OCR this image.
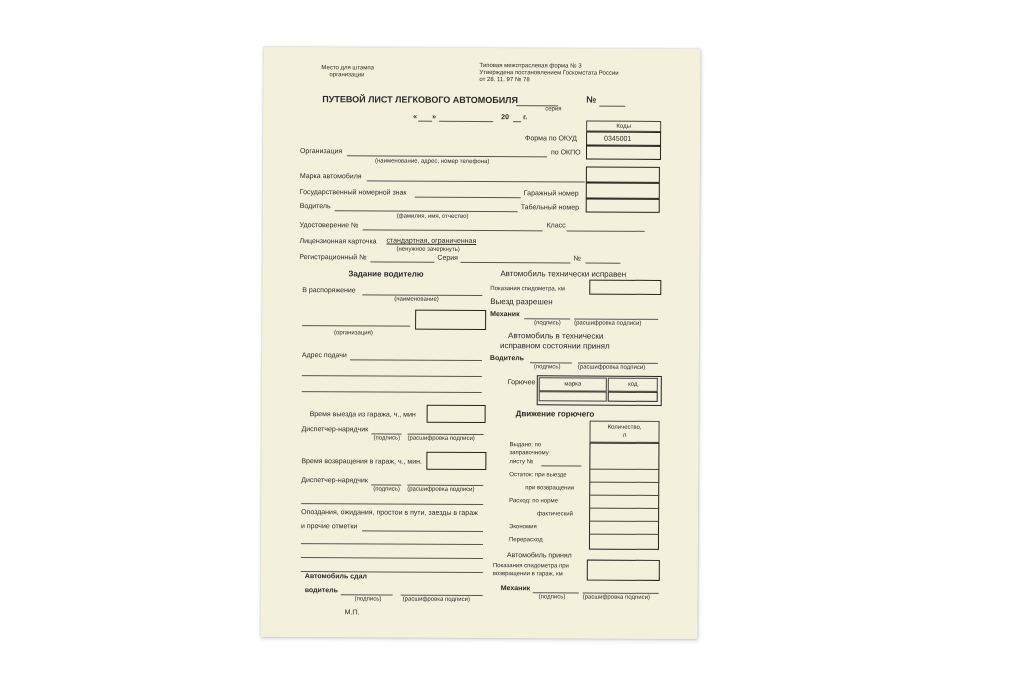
Место для штампа
организации
Типовая межотраслевая форма № 3
Утверждена постановлением Госкомстата России
от 28. 11. 97 № 78
ПУТЕВОЙ ЛИСТ ЛЕГКОВОГО АВТОМОБИЛЯ	№
серия
« »	20 г.
Коды
0345001
Форма по ОКУД
по ОКПО
Организация
(наименование, адрес, номер телефона)
Марка автомобиля
Государственный номерной знак	Гаражный номер
Водитель	Табельный номер
(фамилия, имя, отчество)
Удостоверение №	Класс
Лицензионная карточка стандартная, ограниченная
(ненужное зачеркнуть)
Регистрационный №	Серия	№
Задание водителю
В распоряжение
(наименование)
(организация)
Адрес подачи
Время выезда из гаража, ч., мин
Диспетчер-нарядчик
(подпись) (расшифровка подписи)
Время возвращения в гараж, ч., мин.
Диспетчер-нарядчик
(подпись) (расшифровка подписи)
Опоздания, ожидания, простои в пути, заезды в гараж
и прочие отметки
Автомобиль сдал
водитель
(подпись)	(расшифровка подписи)
М.П.
Автомобиль технически исправен
Показания спидометра, км
Выезд разрешен
Механик
(подпись) (расшифровка подписи)
Автомобиль в технически
исправном состоянии принял
Водитель
(подпись)	(расшифровка подписи)
Горючее	марка	код
Движение горючего
Количество,
л
Выдано: по
заправочному
листу №
Остаток: при выезде
при возвращении
Расход: по норме
фактический
Экономия
Перерасход
Автомобиль принял
Показания спидометра при
возвращении в гараж, км
Механик
(подпись)	(расшифровка подписи)
